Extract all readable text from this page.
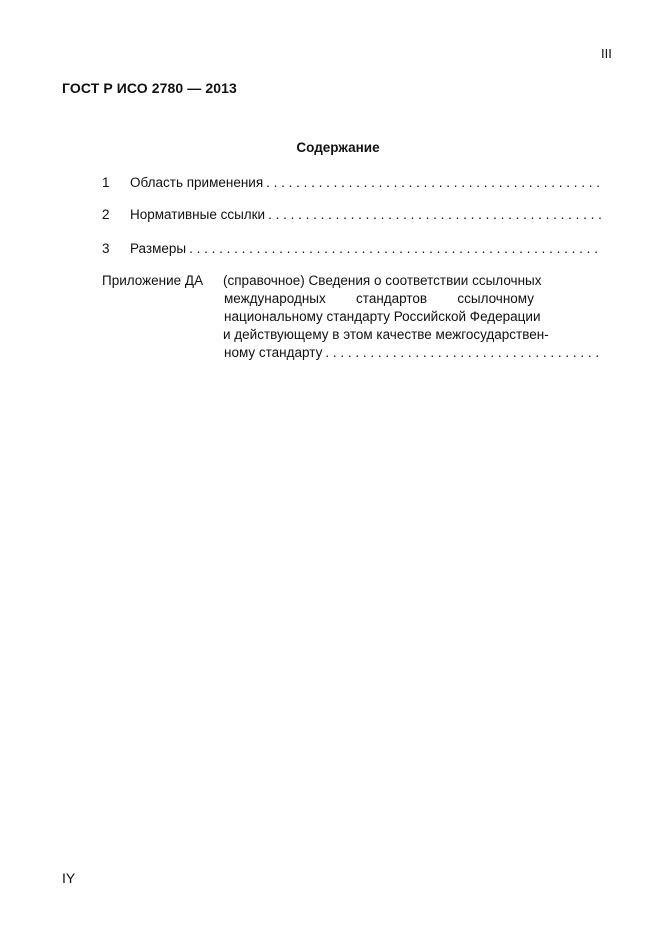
III
ГОСТ Р ИСО 2780 — 2013
Содержание
1 Область применения . . .
2 Нормативные ссылки . . .
3 Размеры . . .
Приложение ДА (справочное) Сведения о соответствии ссылочных
международных стандартов ссылочному
национальному стандарту Российской Федерации
и действующему в этом качестве межгосударствен-
ному стандарту . . .
IY
